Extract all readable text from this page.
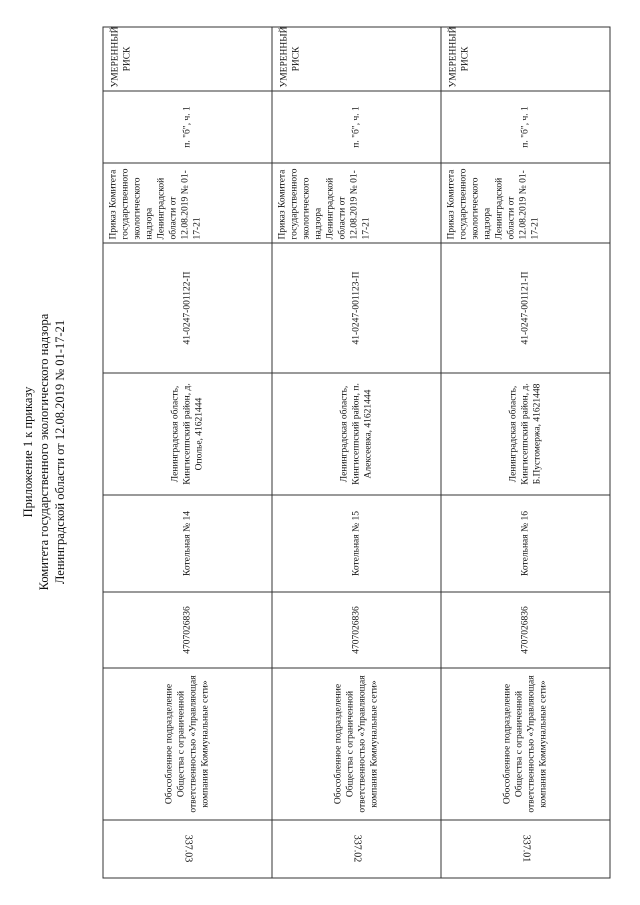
Приложение 1 к приказу Комитета государственного экологического надзора Ленинградской области от 12.08.2019 № 01-17-21
337.03	Обособленное подразделение Общества с ограниченной ответственностью «Управляющая компания Коммунальные сети»	4707026836	Котельная № 14	Ленинградская область, Кингисеппский район, д. Ополье, 41621444	41-0247-001122-П	Приказ Комитета государственного экологического надзора Ленинградской области от 12.08.2019 № 01-17-21	п. "б", ч. 1	УМЕРЕННЫЙ РИСК
337.02	Обособленное подразделение Общества с ограниченной ответственностью «Управляющая компания Коммунальные сети»	4707026836	Котельная № 15	Ленинградская область, Кингисеппский район, п. Алексеевка, 41621444	41-0247-001123-П	Приказ Комитета государственного экологического надзора Ленинградской области от 12.08.2019 № 01-17-21	п. "б", ч. 1	УМЕРЕННЫЙ РИСК
337.01	Обособленное подразделение Общества с ограниченной ответственностью «Управляющая компания Коммунальные сети»	4707026836	Котельная № 16	Ленинградская область, Кингисеппский район, д. Б.Пустомержа, 41621448	41-0247-001121-П	Приказ Комитета государственного экологического надзора Ленинградской области от 12.08.2019 № 01-17-21	п. "б", ч. 1	УМЕРЕННЫЙ РИСК
